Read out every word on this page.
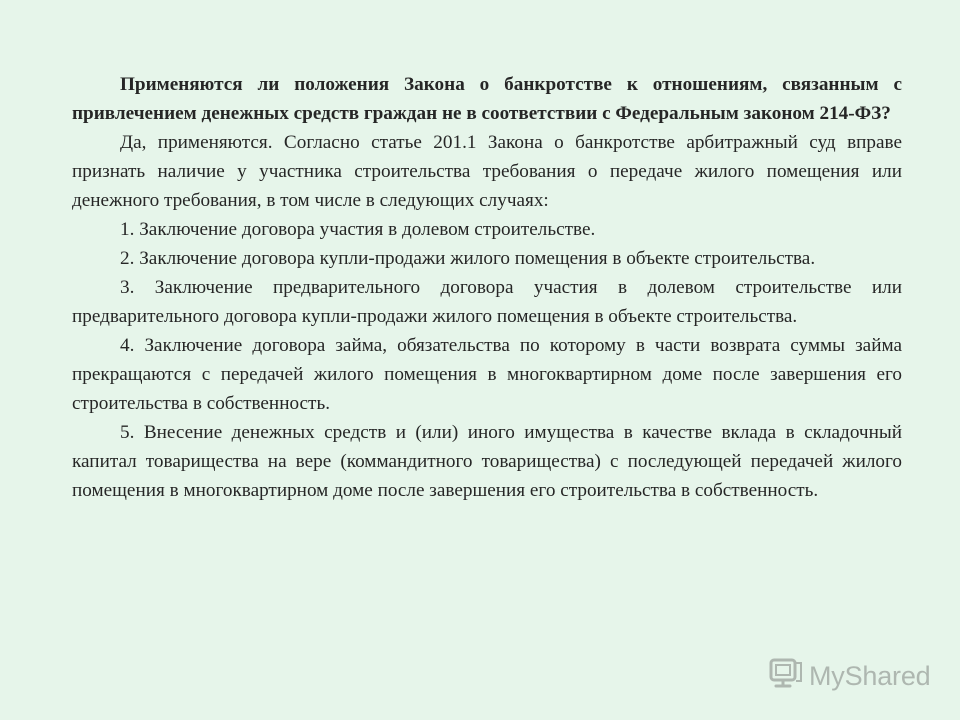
Применяются ли положения Закона о банкротстве к отношениям, связанным с привлечением денежных средств граждан не в соответствии с Федеральным законом 214-ФЗ?

Да, применяются. Согласно статье 201.1 Закона о банкротстве арбитражный суд вправе признать наличие у участника строительства требования о передаче жилого помещения или денежного требования, в том числе в следующих случаях:

1. Заключение договора участия в долевом строительстве.

2. Заключение договора купли-продажи жилого помещения в объекте строительства.

3. Заключение предварительного договора участия в долевом строительстве или предварительного договора купли-продажи жилого помещения в объекте строительства.

4. Заключение договора займа, обязательства по которому в части возврата суммы займа прекращаются с передачей жилого помещения в многоквартирном доме после завершения его строительства в собственность.

5. Внесение денежных средств и (или) иного имущества в качестве вклада в складочный капитал товарищества на вере (коммандитного товарищества) с последующей передачей жилого помещения в многоквартирном доме после завершения его строительства в собственность.

MyShared
